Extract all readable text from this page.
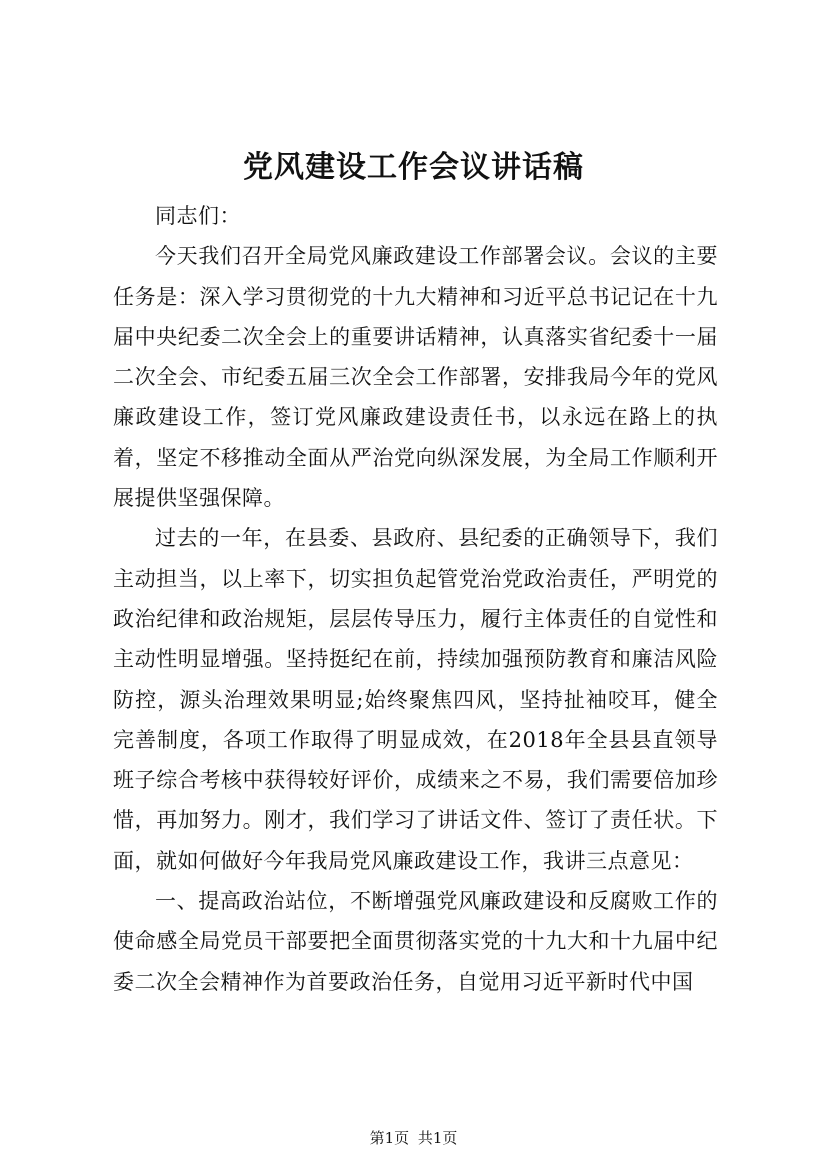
党风建设工作会议讲话稿

同志们：

今天我们召开全局党风廉政建设工作部署会议。会议的主要任务是：深入学习贯彻党的十九大精神和习近平总书记记在十九届中央纪委二次全会上的重要讲话精神，认真落实省纪委十一届二次全会、市纪委五届三次全会工作部署，安排我局今年的党风廉政建设工作，签订党风廉政建设责任书，以永远在路上的执着，坚定不移推动全面从严治党向纵深发展，为全局工作顺利开展提供坚强保障。

过去的一年，在县委、县政府、县纪委的正确领导下，我们主动担当，以上率下，切实担负起管党治党政治责任，严明党的政治纪律和政治规矩，层层传导压力，履行主体责任的自觉性和主动性明显增强。坚持挺纪在前，持续加强预防教育和廉洁风险防控，源头治理效果明显;始终聚焦四风，坚持扯袖咬耳，健全完善制度，各项工作取得了明显成效，在2018年全县县直领导班子综合考核中获得较好评价，成绩来之不易，我们需要倍加珍惜，再加努力。刚才，我们学习了讲话文件、签订了责任状。下面，就如何做好今年我局党风廉政建设工作，我讲三点意见：

一、提高政治站位，不断增强党风廉政建设和反腐败工作的使命感全局党员干部要把全面贯彻落实党的十九大和十九届中纪委二次全会精神作为首要政治任务，自觉用习近平新时代中国

第1页 共1页
